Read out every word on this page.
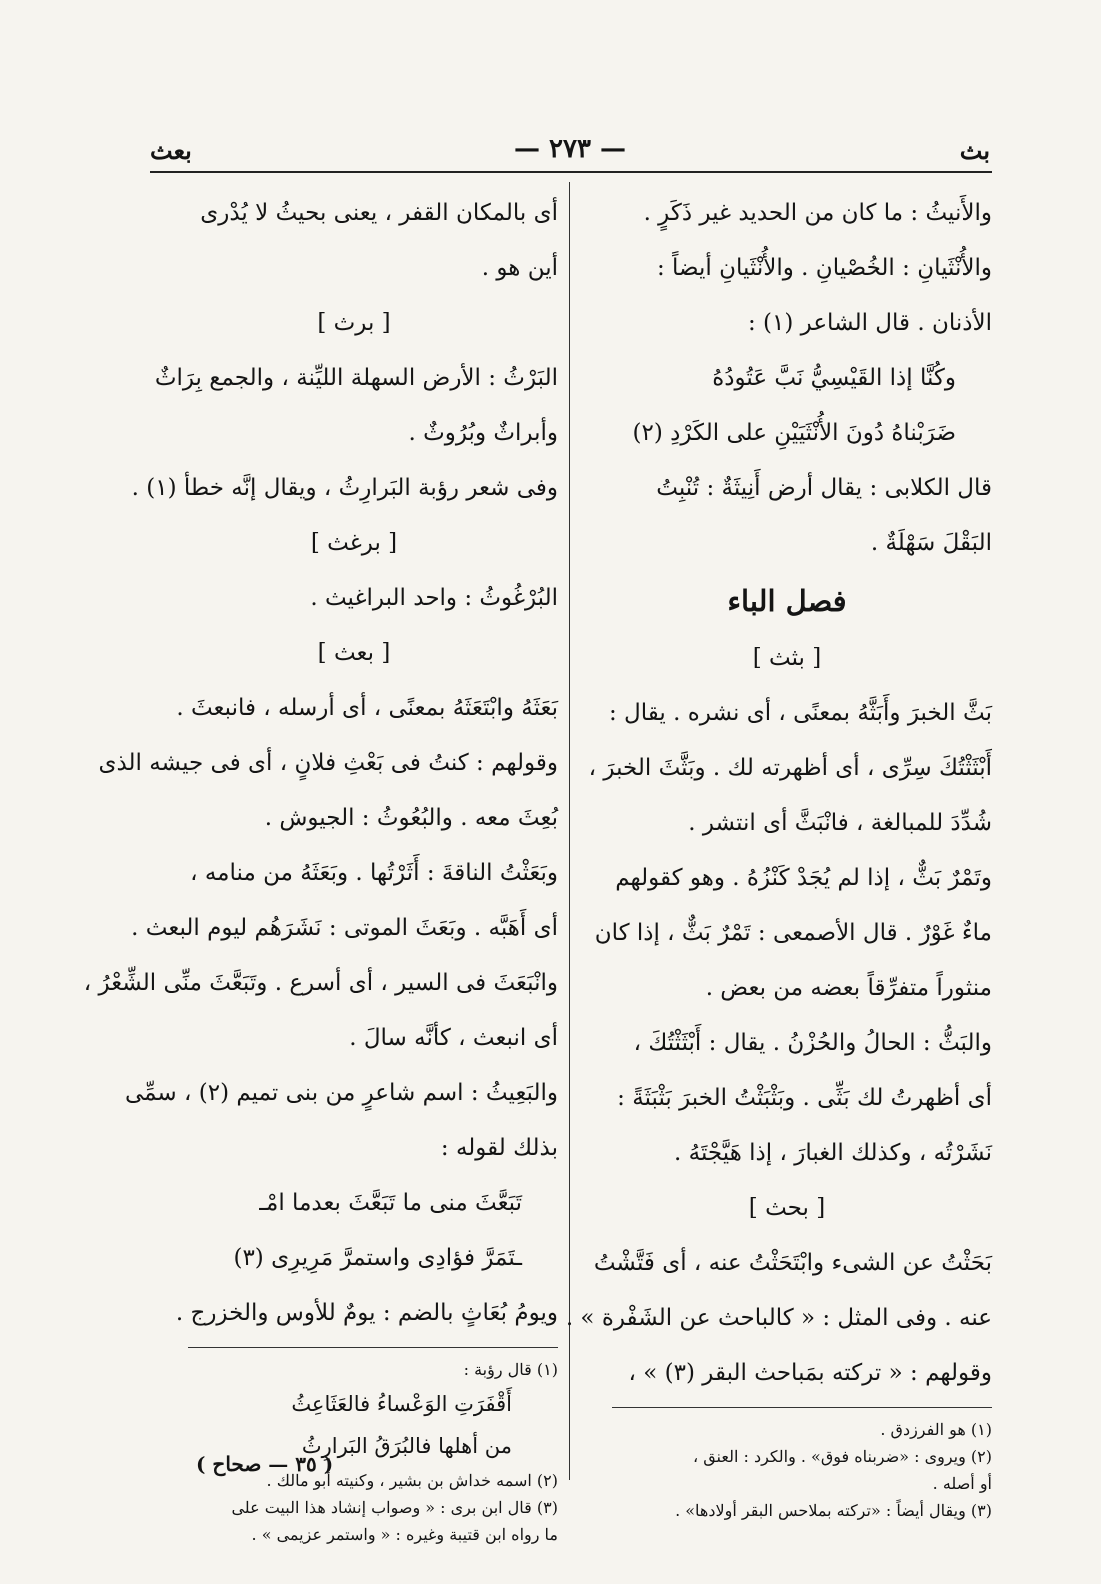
بث
— ٢٧٣ —
بعث
والأَنيثُ : ما كان من الحديد غير ذَكَرٍ .
والأُنْثَيانِ : الخُصْيانِ . والأُنْثَيانِ أيضاً :
الأذنان . قال الشاعر (١) :
وكُنَّا إذا القَيْسِيُّ نَبَّ عَتُودُهُ
ضَرَبْناهُ دُونَ الأُنْثَيَيْنِ على الكَرْدِ (٢)
قال الكلابى : يقال أرض أَنِيثَةٌ : تُنْبِتُ
البَقْلَ سَهْلَةٌ .
فصل الباء
[ بثث ]
بَثَّ الخبرَ وأَبَثَّهُ بمعنًى ، أى نشره . يقال :
أَبْثَثْتُكَ سِرِّى ، أى أظهرته لك . وبَثَّثَ الخبرَ ،
شُدِّدَ للمبالغة ، فانْبَثَّ أى انتشر .
وتَمْرٌ بَثٌّ ، إذا لم يُجَدْ كَنْزُهُ . وهو كقولهم
ماءٌ غَوْرٌ . قال الأصمعى : تَمْرٌ بَثٌّ ، إذا كان
منثوراً متفرِّقاً بعضه من بعض .
والبَثُّ : الحالُ والحُزْنُ . يقال : أَبْثَثْتُكَ ،
أى أظهرتُ لك بَثِّى . وبَثْبَثْتُ الخبرَ بَثْبَثَةً :
نَشَرْتُه ، وكذلك الغبارَ ، إذا هَيَّجْتَهُ .
[ بحث ]
بَحَثْتُ عن الشىء وابْتَحَثْتُ عنه ، أى فَتَّشْتُ
عنه . وفى المثل : « كالباحث عن الشَفْرة » .
وقولهم : « تركته بمَباحث البقر (٣) » ،
(١) هو الفرزدق .
(٢) ويروى : «ضربناه فوق» . والكرد : العنق ،
أو أصله .
(٣) ويقال أيضاً : «تركته بملاحس البقر أولادها» .
أى بالمكان القفر ، يعنى بحيثُ لا يُدْرى
أين هو .
[ برث ]
البَرْثُ : الأرض السهلة الليِّنة ، والجمع بِرَاثٌ
وأبراثٌ وبُرُوثٌ .
وفى شعر رؤبة البَرارِثُ ، ويقال إنَّه خطأ (١) .
[ برغث ]
البُرْغُوثُ : واحد البراغيث .
[ بعث ]
بَعَثَهُ وابْتَعَثَهُ بمعنًى ، أى أرسله ، فانبعثَ .
وقولهم : كنتُ فى بَعْثِ فلانٍ ، أى فى جيشه الذى
بُعِثَ معه . والبُعُوثُ : الجيوش .
وبَعَثْتُ الناقةَ : أَثَرْتُها . وبَعَثَهُ من منامه ،
أى أَهَبَّه . وبَعَثَ الموتى : نَشَرَهُم ليوم البعث .
وانْبَعَثَ فى السير ، أى أسرع . وتَبَعَّثَ منِّى الشِّعْرُ ،
أى انبعث ، كأنَّه سالَ .
والبَعِيثُ : اسم شاعرٍ من بنى تميم (٢) ، سمِّى
بذلك لقوله :
تَبَعَّثَ منى ما تَبَعَّثَ بعدما امْـ
ـتَمَرَّ فؤادِى واستمرَّ مَرِيرِى (٣)
ويومُ بُعَاثٍ بالضم : يومٌ للأوس والخزرج .
(١) قال رؤبة :
أَقْفَرَتِ الوَعْساءُ فالعَثَاعِثُ
من أهلها فالبُرَقُ البَرارِثُ
(٢) اسمه خداش بن بشير ، وكنيته أبو مالك .
(٣) قال ابن برى : « وصواب إنشاد هذا البيت على
ما رواه ابن قتيبة وغيره : « واستمر عزيمى » .
( ٣٥ — صحاح )
